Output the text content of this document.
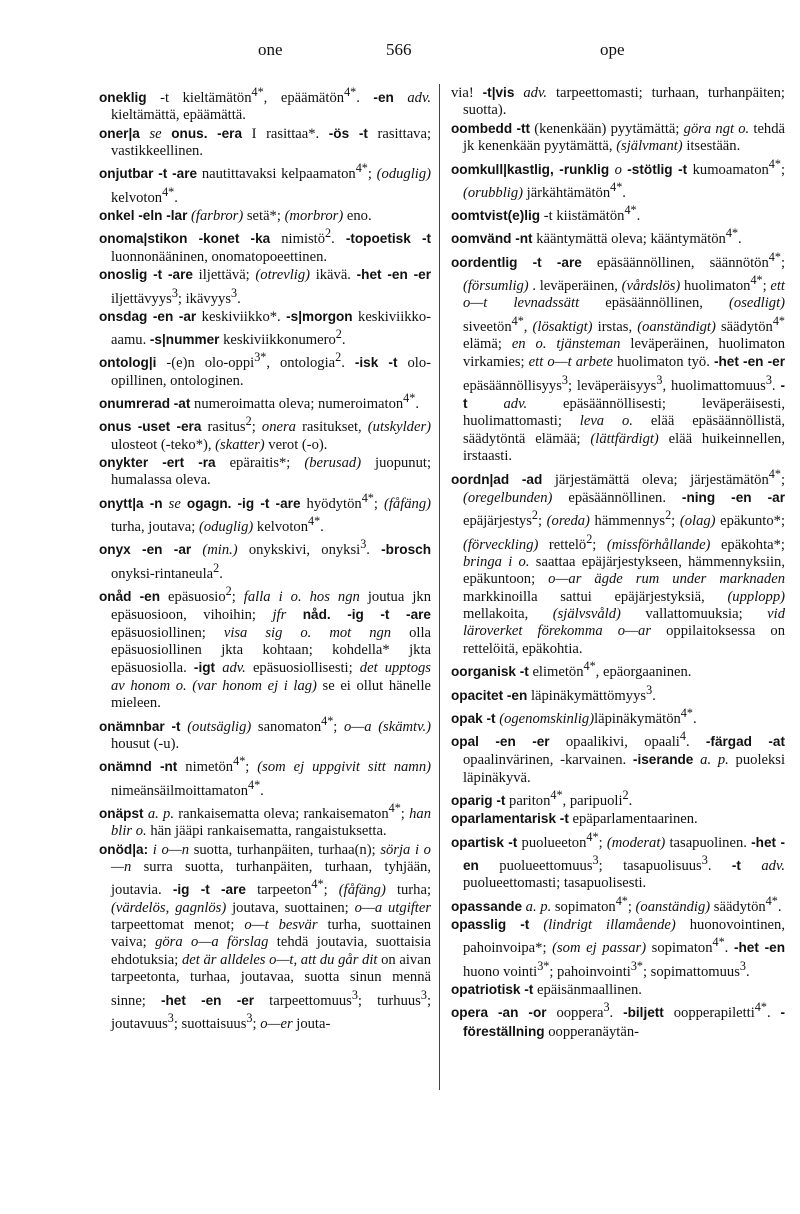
one	566	ope

oneklig -t kieltämätön$^{4*}$, epäämätön$^{4*}$. -en adv. kieltämättä, epäämättä.

oner|a se onus. -era I rasittaa*. -ös -t rasittava; vastikkeellinen.

onjutbar -t -are nautittavaksi kelpaamaton$^{4*}$; (oduglig) kelvoton$^{4*}$.

onkel -eln -lar (farbror) setä*; (morbror) eno.

onoma|stikon -konet -ka nimistö$^2$. -topoetisk -t luonnonääninen, onomatopoeettinen.

onoslig -t -are iljettävä; (otrevlig) ikävä. -het -en -er iljettävyys$^3$; ikävyys$^3$.

onsdag -en -ar keskiviikko*. -s|morgon keskiviikko-aamu. -s|nummer keskiviikkonumero$^2$.

ontolog|i -(e)n olo-oppi$^{3*}$, ontologia$^2$. -isk -t olo-opillinen, ontologinen.

onumrerad -at numeroimatta oleva; numeroimaton$^{4*}$.

onus -uset -era rasitus$^2$; onera rasitukset, (utskylder) ulosteot (-teko*), (skatter) verot (-o).

onykter -ert -ra epäraitis*; (berusad) juopunut; humalassa oleva.

onytt|a -n se ogagn. -ig -t -are hyödytön$^{4*}$; (fåfäng) turha, joutava; (oduglig) kelvoton$^{4*}$.

onyx -en -ar (min.) onykskivi, onyksi$^3$. -brosch onyksi-rintaneula$^2$.

onåd -en epäsuosio$^2$; falla i o. hos ngn joutua jkn epäsuosioon, vihoihin; jfr nåd. -ig -t -are epäsuosiollinen; visa sig o. mot ngn olla epäsuosiollinen jkta kohtaan; kohdella* jkta epäsuosiolla. -igt adv. epäsuosiollisesti; det upptogs av honom o. (var honom ej i lag) se ei ollut hänelle mieleen.

onämnbar -t (outsäglig) sanomaton$^{4*}$; o—a (skämtv.) housut (-u).

onämnd -nt nimetön$^{4*}$; (som ej uppgivit sitt namn) nimeänsäilmoittamaton$^{4*}$.

onäpst a. p. rankaisematta oleva; rankaisematon$^{4*}$; han blir o. hän jääpi rankaisematta, rangaistuksetta.

onöd|a: i o—n suotta, turhanpäiten, turhaa(n); sörja i o—n surra suotta, turhanpäiten, turhaan, tyhjään, joutavia. -ig -t -are tarpeeton$^{4*}$; (fåfäng) turha; (värdelös, gagnlös) joutava, suottainen; o—a utgifter tarpeettomat menot; o—t besvär turha, suottainen vaiva; göra o—a förslag tehdä joutavia, suottaisia ehdotuksia; det är alldeles o—t, att du går dit on aivan tarpeetonta, turhaa, joutavaa, suotta sinun mennä sinne; -het -en -er tarpeettomuus$^3$; turhuus$^3$; joutavuus$^3$; suottaisuus$^3$; o—er jouta-

via! -t|vis adv. tarpeettomasti; turhaan, turhanpäiten; suotta).

oombedd -tt (kenenkään) pyytämättä; göra ngt o. tehdä jk kenenkään pyytämättä, (självmant) itsestään.

oomkull|kastlig, -runklig o -stötlig -t kumoamaton$^{4*}$; (orubblig) järkähtämätön$^{4*}$.

oomtvist(e)lig -t kiistämätön$^{4*}$.

oomvänd -nt kääntymättä oleva; kääntymätön$^{4*}$.

oordentlig -t -are epäsäännöllinen, säännötön$^{4*}$; (försumlig) . leväperäinen, (vårdslös) huolimaton$^{4*}$; ett o—t levnadssätt epäsäännöllinen, (osedligt) siveetön$^{4*}$, (lösaktigt) irstas, (oanständigt) säädytön$^{4*}$ elämä; en o. tjänsteman leväperäinen, huolimaton virkamies; ett o—t arbete huolimaton työ. -het -en -er epäsäännöllisyys$^3$; leväperäisyys$^3$, huolimattomuus$^3$. -t adv. epäsäännöllisesti; leväperäisesti, huolimattomasti; leva o. elää epäsäännöllistä, säädytöntä elämää; (lättfärdigt) elää huikeinnellen, irstaasti.

oordn|ad -ad järjestämättä oleva; järjestämätön$^{4*}$; (oregelbunden) epäsäännöllinen. -ning -en -ar epäjärjestys$^2$; (oreda) hämmennys$^2$; (olag) epäkunto*; (förveckling) rettelö$^2$; (missförhållande) epäkohta*; bringa i o. saattaa epäjärjestykseen, hämmennyksiin, epäkuntoon; o—ar ägde rum under marknaden markkinoilla sattui epäjärjestyksiä, (upplopp) mellakoita, (självsvåld) vallattomuuksia; vid läroverket förekomma o—ar oppilaitoksessa on rettelöitä, epäkohtia.

oorganisk -t elimetön$^{4*}$, epäorgaaninen.

opacitet -en läpinäkymättömyys$^3$.

opak -t (ogenomskinlig)läpinäkymätön$^{4*}$.

opal -en -er opaalikivi, opaali$^4$. -färgad -at opaalinvärinen, -karvainen. -iserande a. p. puoleksi läpinäkyvä.

oparig -t pariton$^{4*}$, paripuoli$^2$.

oparlamentarisk -t epäparlamentaarinen.

opartisk -t puolueeton$^{4*}$; (moderat) tasapuolinen. -het -en puolueettomuus$^3$; tasapuolisuus$^3$. -t adv. puolueettomasti; tasapuolisesti.

opassande a. p. sopimaton$^{4*}$; (oanständig) säädytön$^{4*}$.

opasslig -t (lindrigt illamående) huonovointinen, pahoinvoipa*; (som ej passar) sopimaton$^{4*}$. -het -en huono vointi$^{3*}$; pahoinvointi$^{3*}$; sopimattomuus$^3$.

opatriotisk -t epäisänmaallinen.

opera -an -or ooppera$^3$. -biljett oopperapiletti$^{4*}$. -föreställning oopperanäytän-
